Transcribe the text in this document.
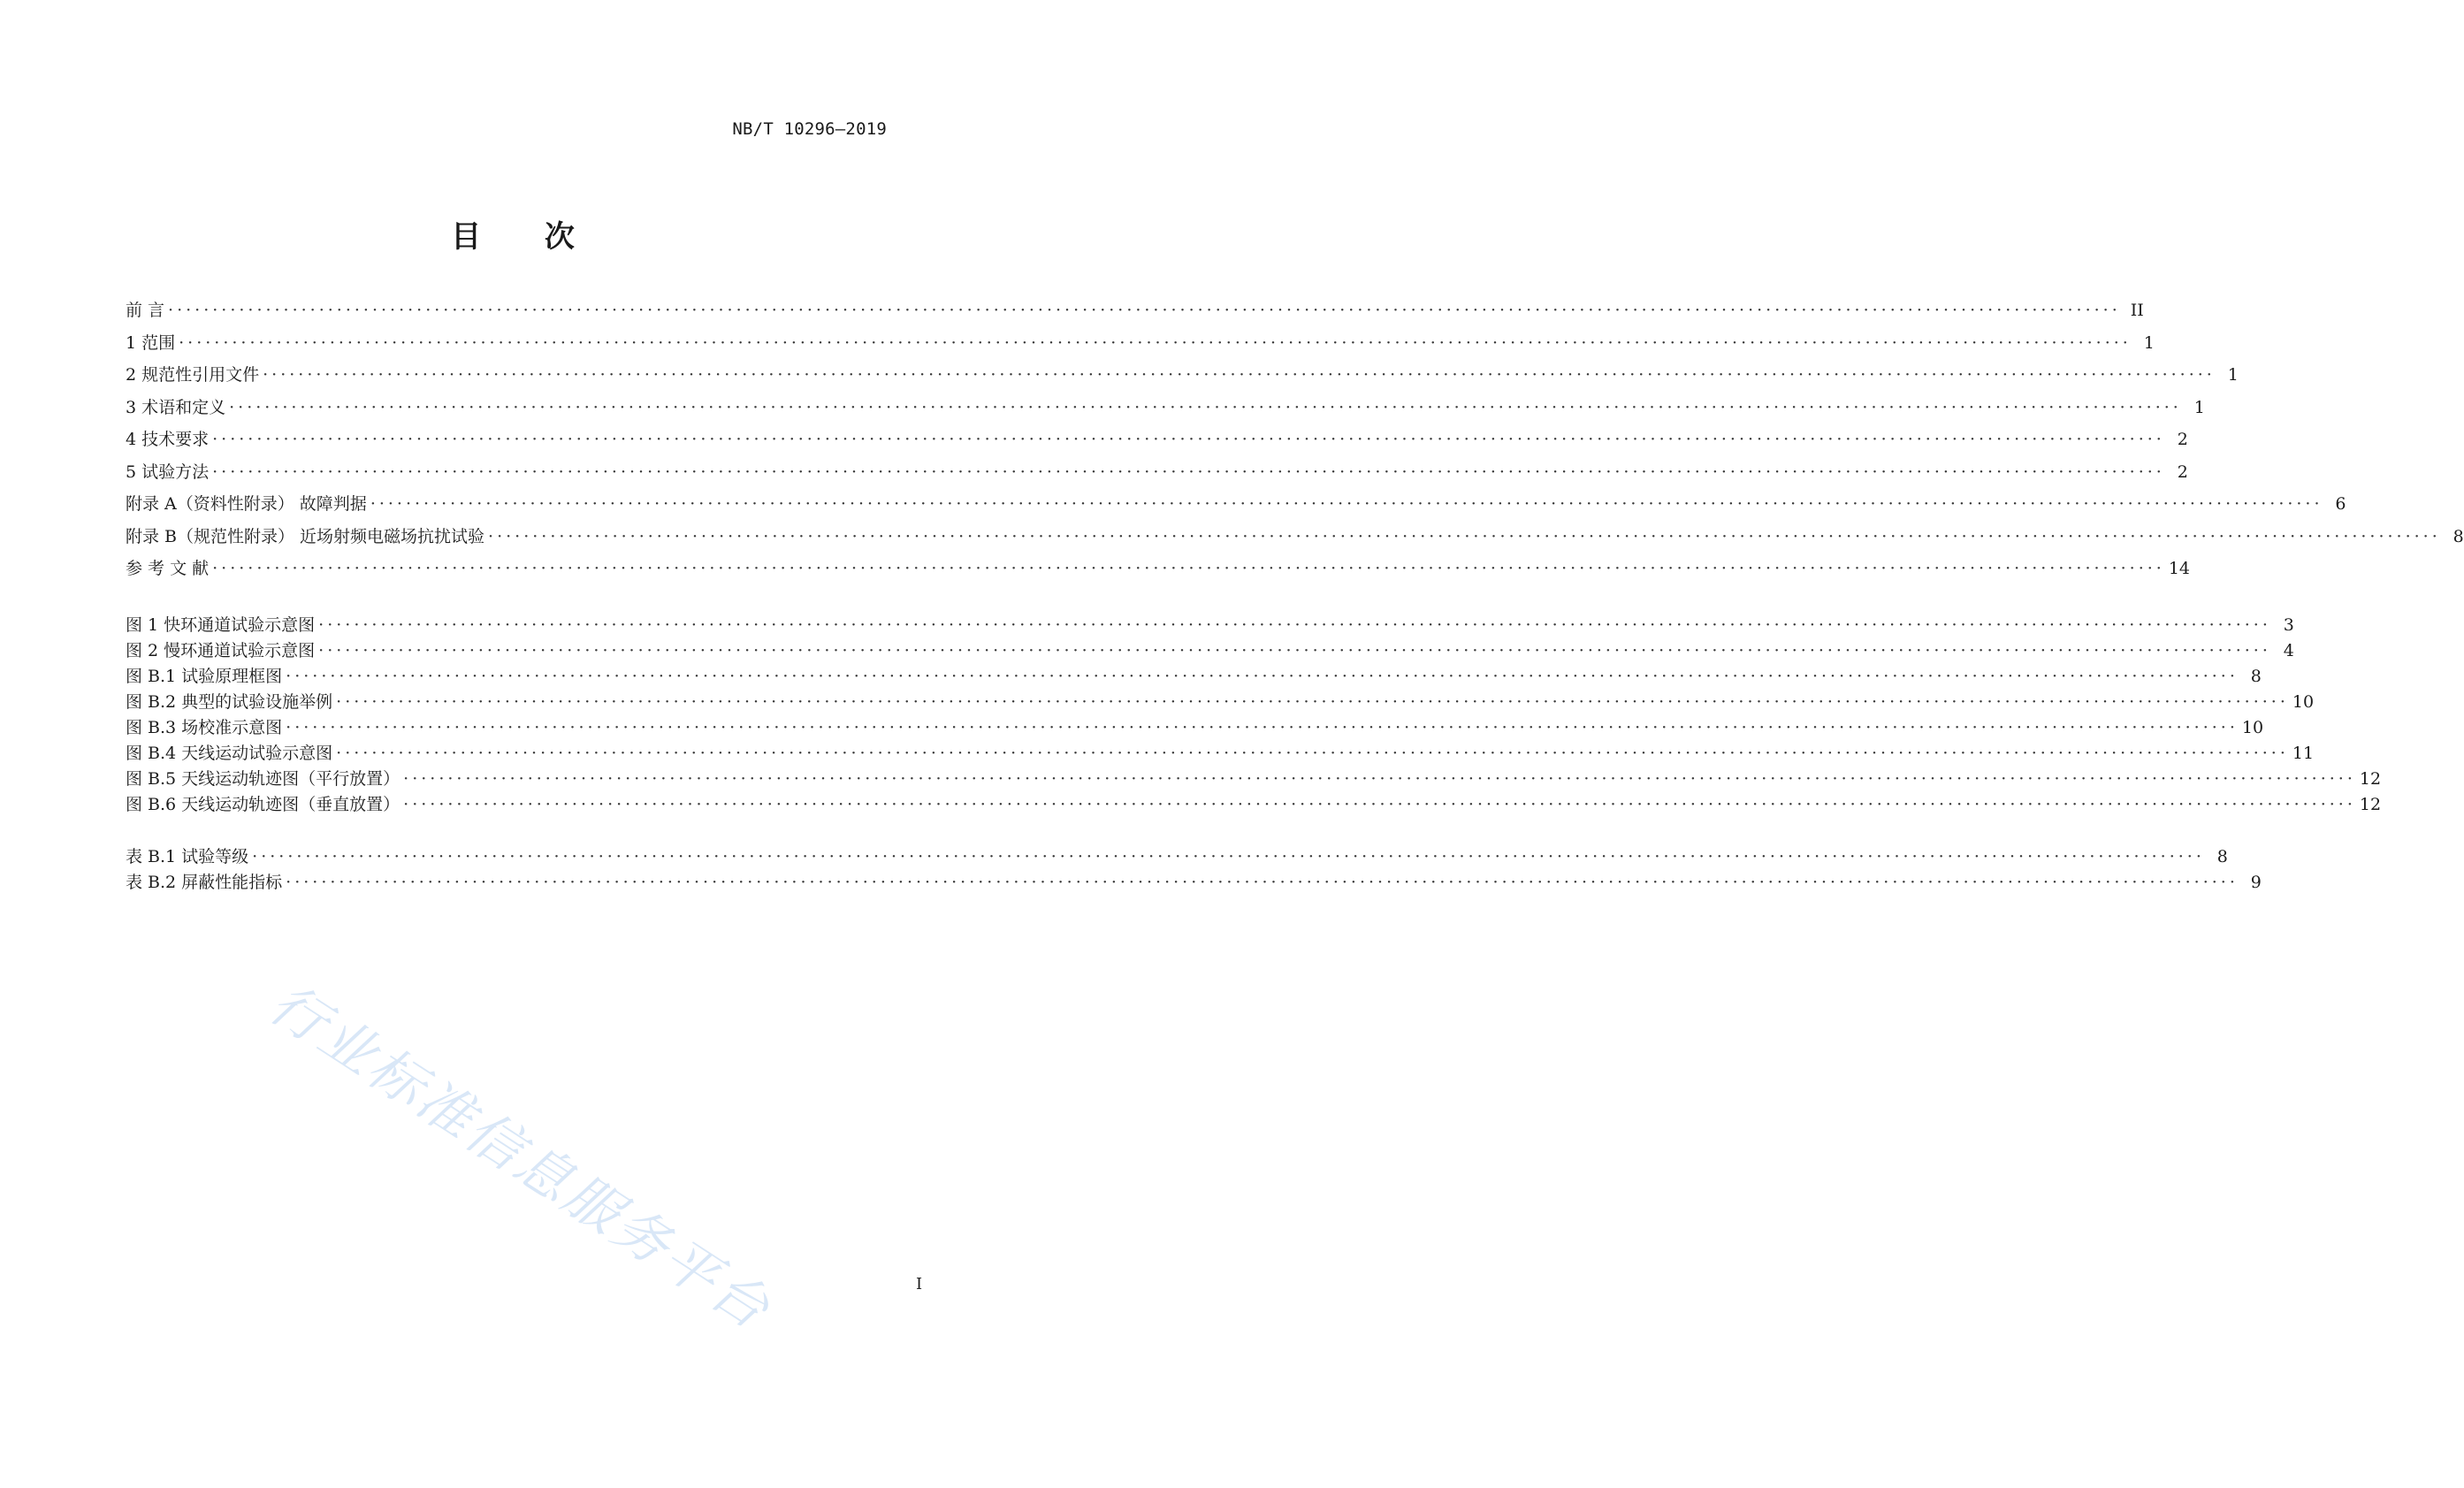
NB/T 10296—2019
目 次
前 言 ···························································································································································································································· II
1 范围 ···························································································································································································································· 1
2 规范性引用文件 ···························································································································································································································· 1
3 术语和定义 ···························································································································································································································· 1
4 技术要求 ···························································································································································································································· 2
5 试验方法 ···························································································································································································································· 2
附录 A（资料性附录） 故障判据 ···························································································································································································································· 6
附录 B（规范性附录） 近场射频电磁场抗扰试验 ···························································································································································································································· 8
参 考 文 献 ···························································································································································································································· 14
图 1 快环通道试验示意图 ···························································································································································································································· 3
图 2 慢环通道试验示意图 ···························································································································································································································· 4
图 B.1 试验原理框图 ···························································································································································································································· 8
图 B.2 典型的试验设施举例 ···························································································································································································································· 10
图 B.3 场校准示意图 ···························································································································································································································· 10
图 B.4 天线运动试验示意图 ···························································································································································································································· 11
图 B.5 天线运动轨迹图（平行放置） ···························································································································································································································· 12
图 B.6 天线运动轨迹图（垂直放置） ···························································································································································································································· 12
表 B.1 试验等级 ···························································································································································································································· 8
表 B.2 屏蔽性能指标 ···························································································································································································································· 9
行业标准信息服务平台	I
